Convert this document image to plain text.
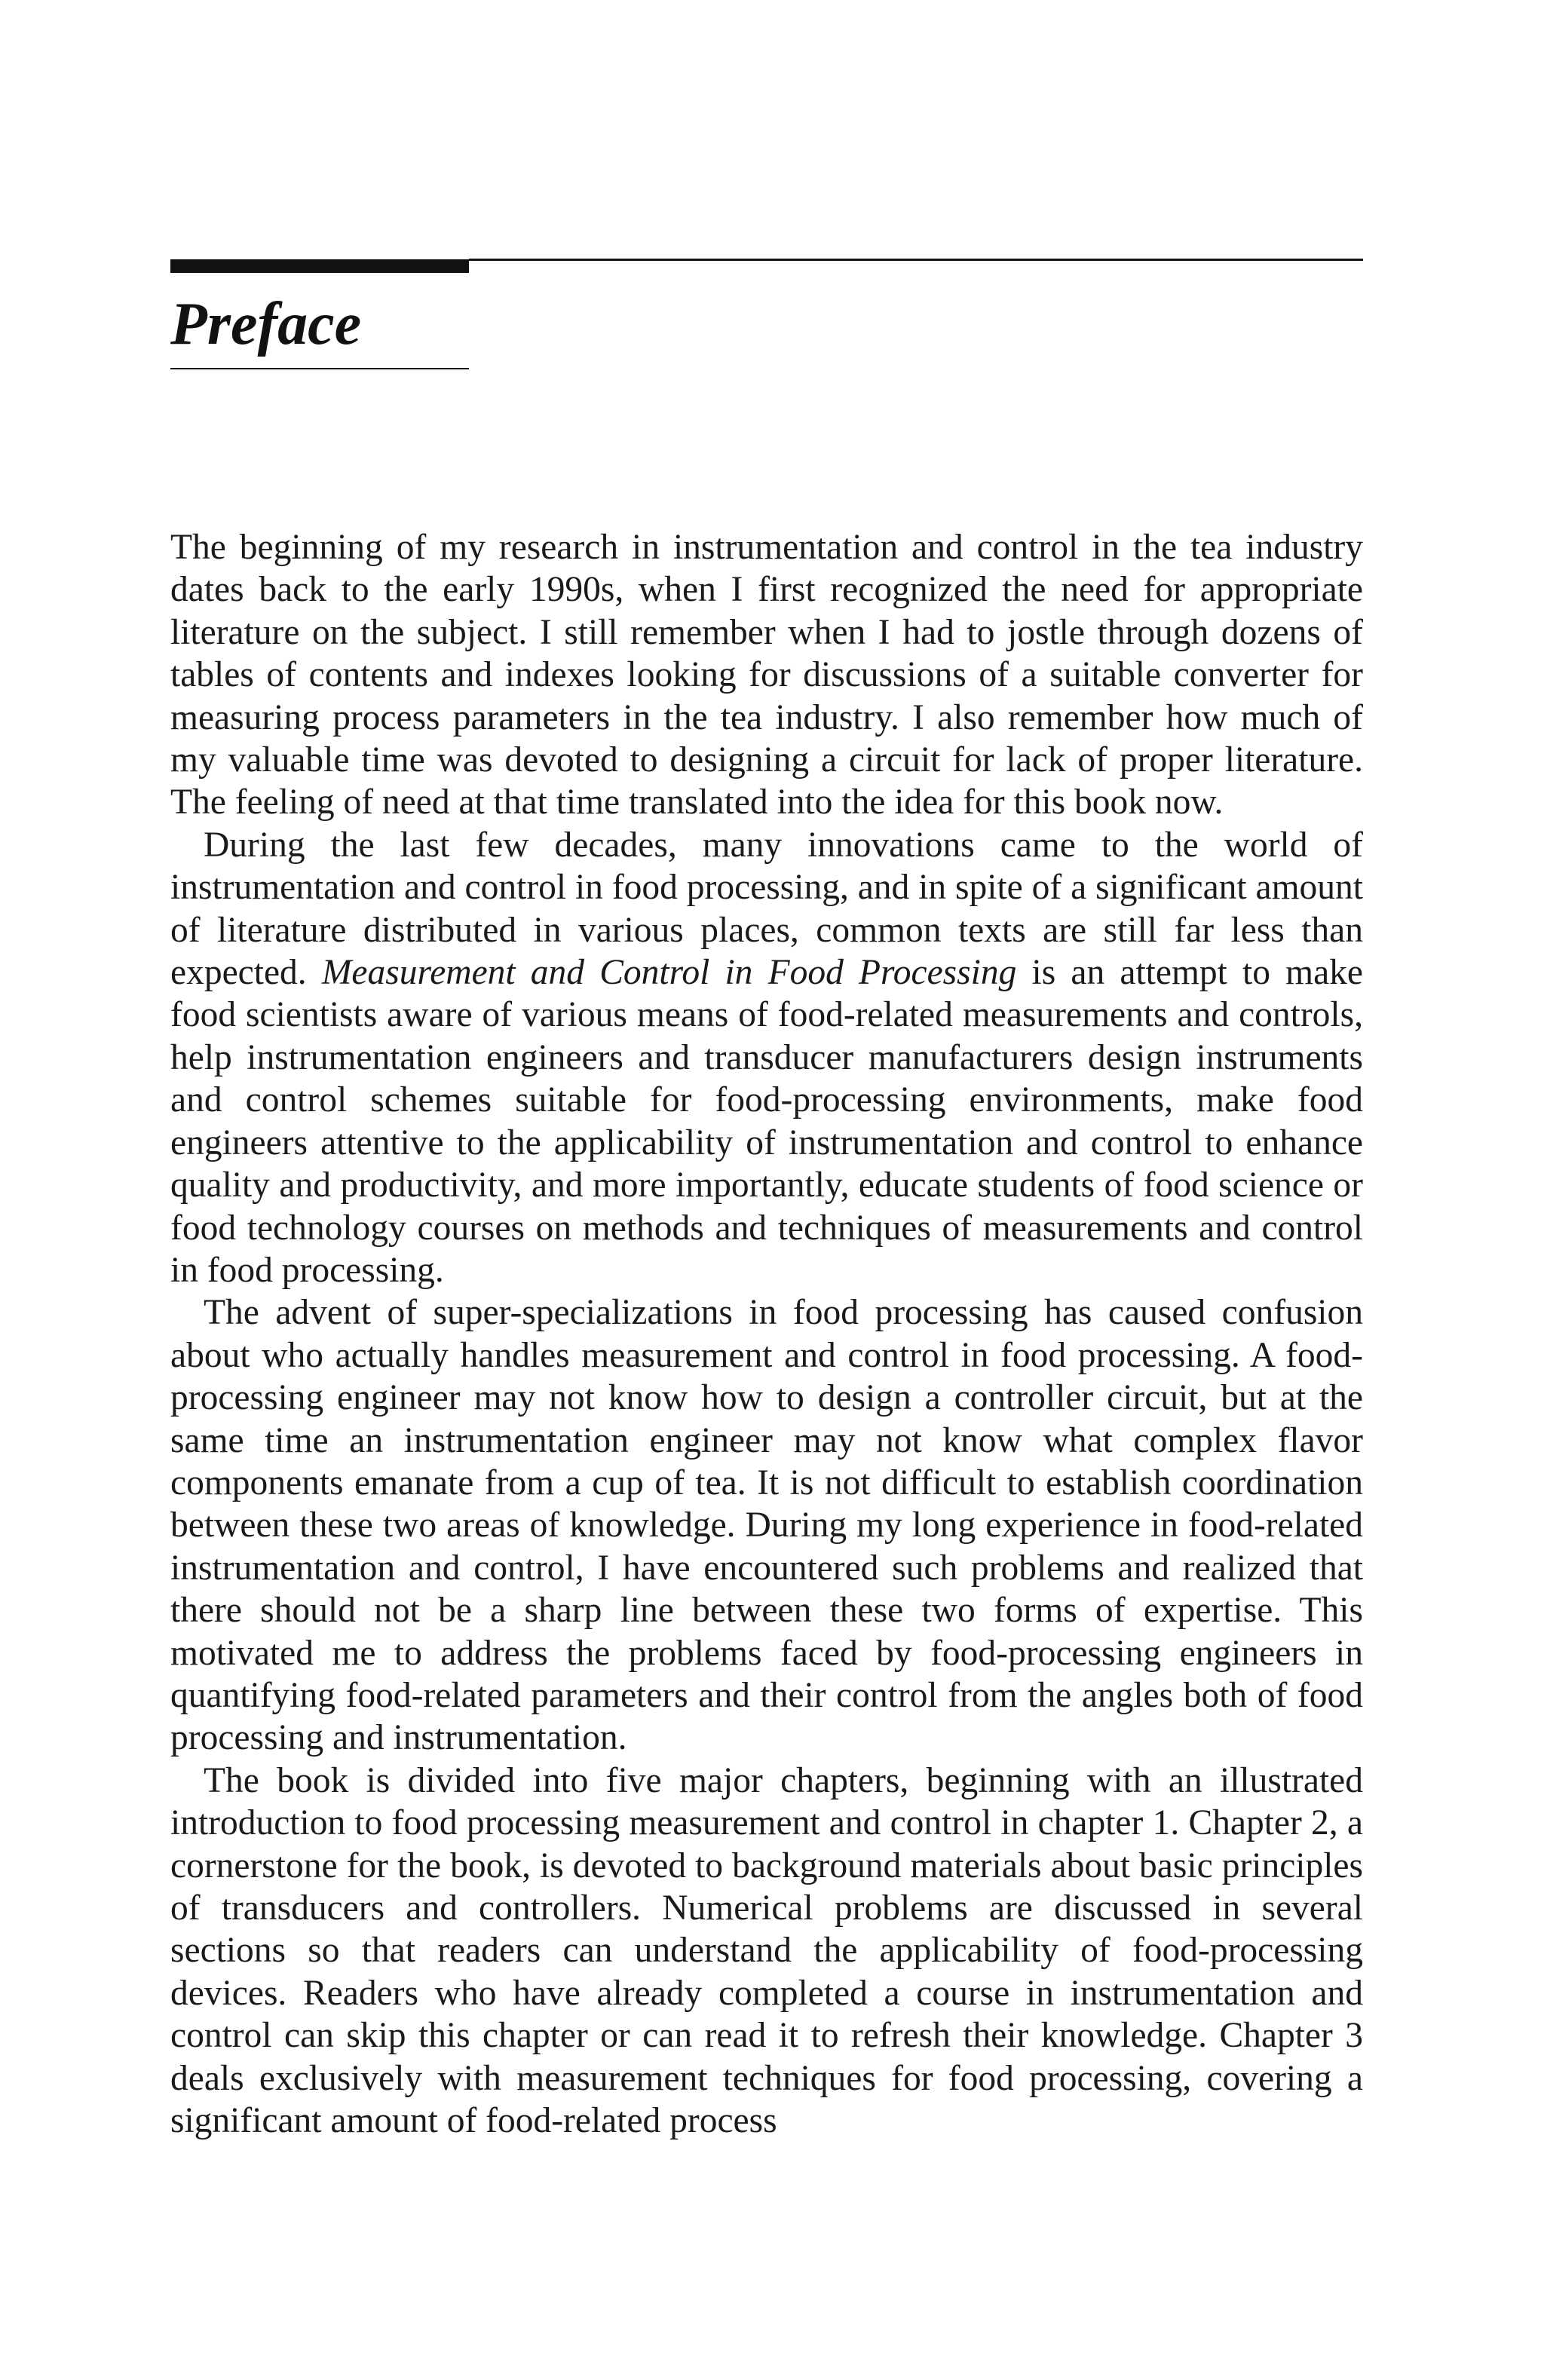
Preface

The beginning of my research in instrumentation and control in the tea industry dates back to the early 1990s, when I first recognized the need for appropriate literature on the subject. I still remember when I had to jostle through dozens of tables of contents and indexes looking for discussions of a suitable converter for measuring process parameters in the tea industry. I also remember how much of my valuable time was devoted to designing a circuit for lack of proper literature. The feeling of need at that time translated into the idea for this book now.

During the last few decades, many innovations came to the world of instrumentation and control in food processing, and in spite of a significant amount of literature distributed in various places, common texts are still far less than expected. Measurement and Control in Food Processing is an attempt to make food scientists aware of various means of food-related measurements and controls, help instrumentation engineers and transducer manufacturers design instruments and control schemes suitable for food-processing environments, make food engineers attentive to the applicability of instrumentation and control to enhance quality and productivity, and more importantly, educate students of food science or food technology courses on methods and techniques of measurements and control in food processing.

The advent of super-specializations in food processing has caused confusion about who actually handles measurement and control in food processing. A food-processing engineer may not know how to design a controller circuit, but at the same time an instrumentation engineer may not know what complex flavor components emanate from a cup of tea. It is not difficult to establish coordination between these two areas of knowledge. During my long experience in food-related instrumentation and control, I have encountered such problems and realized that there should not be a sharp line between these two forms of expertise. This motivated me to address the problems faced by food-processing engineers in quantifying food-related parameters and their control from the angles both of food processing and instrumentation.

The book is divided into five major chapters, beginning with an illustrated introduction to food processing measurement and control in chapter 1. Chapter 2, a cornerstone for the book, is devoted to background materials about basic principles of transducers and controllers. Numerical problems are discussed in several sections so that readers can understand the applicability of food-processing devices. Readers who have already completed a course in instrumentation and control can skip this chapter or can read it to refresh their knowledge. Chapter 3 deals exclusively with measurement techniques for food processing, covering a significant amount of food-related process
